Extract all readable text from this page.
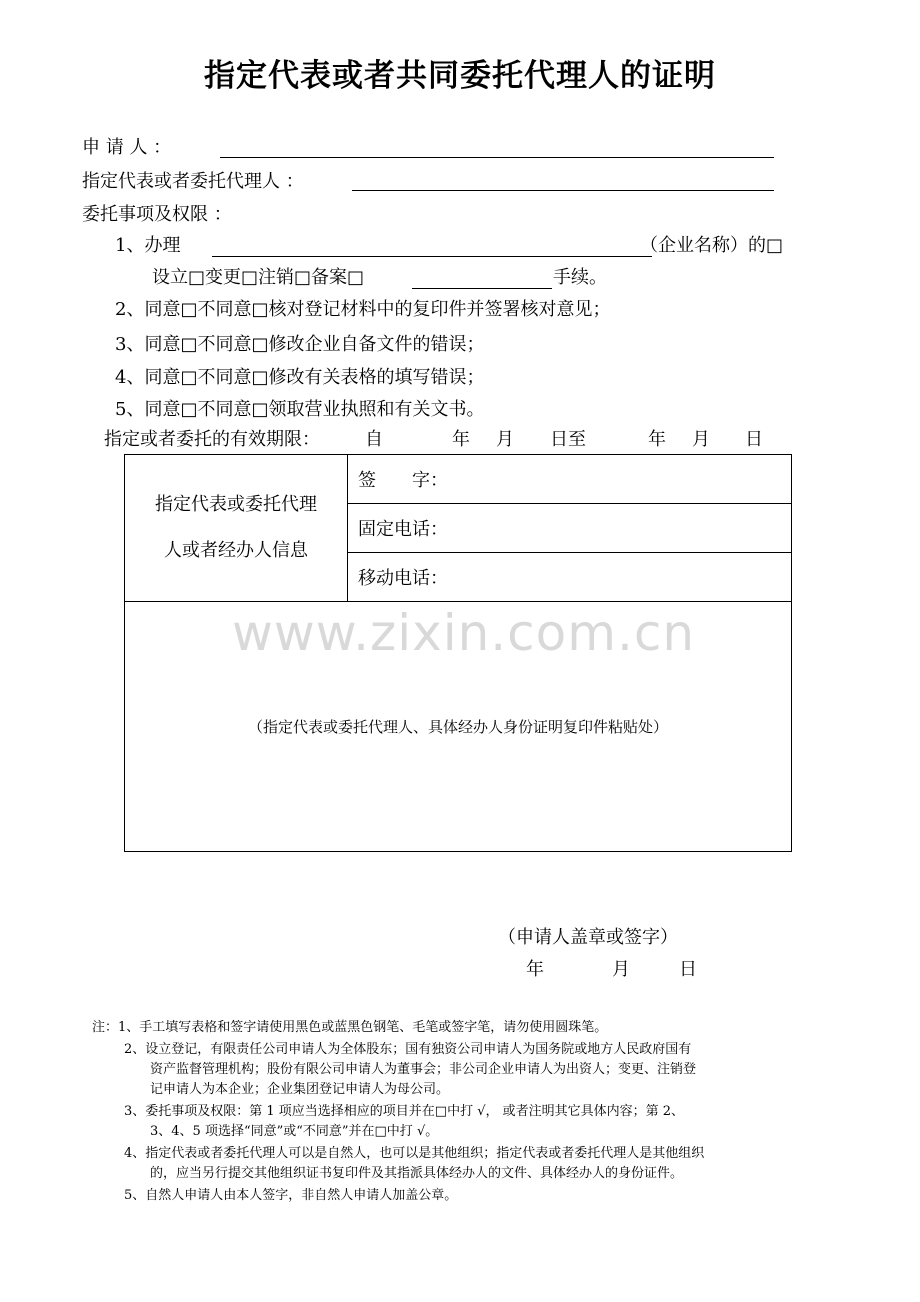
指定代表或者共同委托代理人的证明
申 请 人 ：
指定代表或者委托代理人 ：
委托事项及权限 ：
1、办理	（企业名称）的□
设立□变更□注销□备案□	手续。
2、同意□不同意□核对登记材料中的复印件并签署核对意见；
3、同意□不同意□修改企业自备文件的错误；
4、同意□不同意□修改有关表格的填写错误；
5、同意□不同意□领取营业执照和有关文书。
指定或者委托的有效期限：	自	年 月 日至	年 月 日
指定代表或委托代理
人或者经办人信息
	签　　字：
固定电话：
移动电话：

（指定代表或委托代理人、具体经办人身份证明复印件粘贴处）
www.zixin.com.cn
（申请人盖章或签字）
年	月	日
注：1、手工填写表格和签字请使用黑色或蓝黑色钢笔、毛笔或签字笔，请勿使用圆珠笔。
2、设立登记，有限责任公司申请人为全体股东；国有独资公司申请人为国务院或地方人民政府国有
资产监督管理机构；股份有限公司申请人为董事会；非公司企业申请人为出资人；变更、注销登
记申请人为本企业；企业集团登记申请人为母公司。
3、委托事项及权限：第 1 项应当选择相应的项目并在□中打 √， 或者注明其它具体内容；第 2、
3、4、5 项选择“同意”或“不同意”并在□中打 √。
4、指定代表或者委托代理人可以是自然人，也可以是其他组织；指定代表或者委托代理人是其他组织
的，应当另行提交其他组织证书复印件及其指派具体经办人的文件、具体经办人的身份证件。
5、自然人申请人由本人签字，非自然人申请人加盖公章。
